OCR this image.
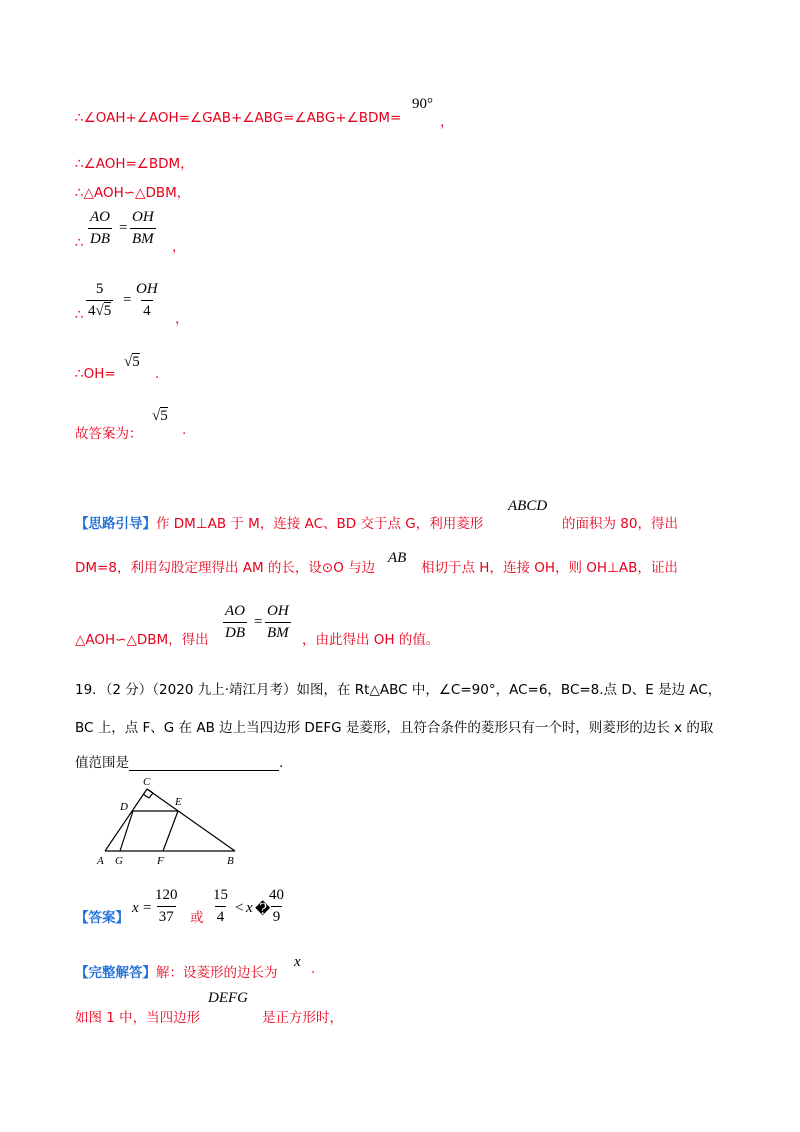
∴∠OAH+∠AOH=∠GAB+∠ABG=∠ABG+∠BDM=
90°
，
∴∠AOH=∠BDM，
∴△AOH∽△DBM，
∴ $\frac{AO}{DB} = \frac{OH}{BM}$ ，
∴ $\frac{5}{4√5} = \frac{OH}{4}$ ，
∴OH=
√5
.
故答案为：
√5
.
【思路引导】作 DM⊥AB 于 M，连接 AC、BD 交于点 G，利用菱形
ABCD
的面积为 80，得出
DM=8，利用勾股定理得出 AM 的长，设⊙O 与边
AB
相切于点 H，连接 OH，则 OH⊥AB，证出
△AOH∽△DBM，得出 $\frac{AO}{DB} = \frac{OH}{BM}$ ，由此得出 OH 的值。
19．（2 分）（2020 九上·靖江月考）如图，在 Rt△ABC 中，∠C=90°，AC=6，BC=8.点 D、E 是边 AC，
BC 上，点 F、G 在 AB 边上当四边形 DEFG 是菱形，且符合条件的菱形只有一个时，则菱形的边长 x 的取
值范围是	.
C
D	E
A G	F	B
【答案】
$x = \frac{120}{37}$ 或 $\frac{15}{4} < x$ �
$\frac{40}{9}$
【完整解答】解：设菱形的边长为
x .
如图 1 中，当四边形
DEFG
是正方形时，
